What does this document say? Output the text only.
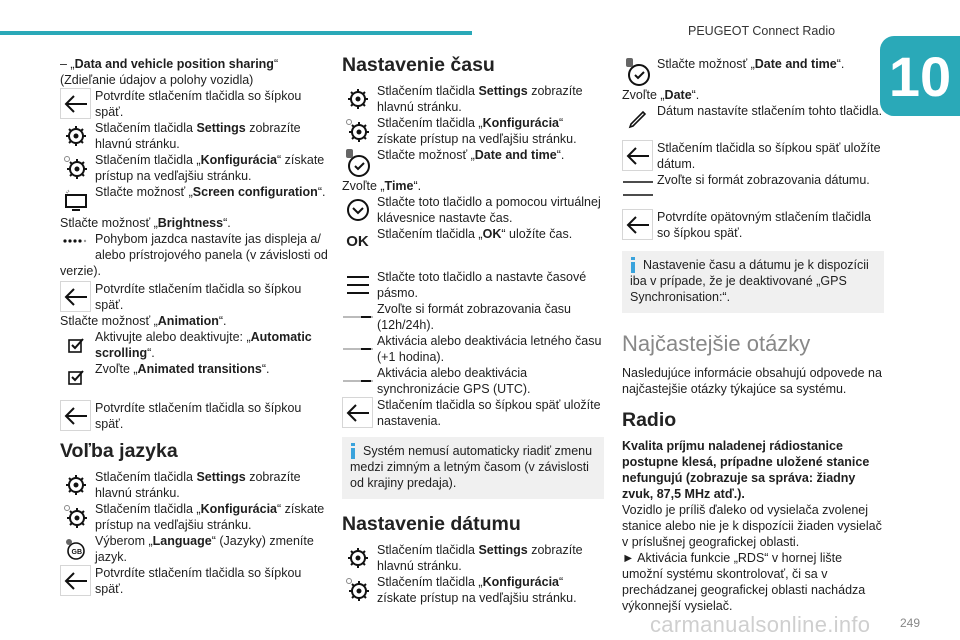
PEUGEOT Connect Radio
10

– „Data and vehicle position sharing“ (Zdieľanie údajov a polohy vozidla)

Potvrdíte stlačením tlačidla so šípkou späť.
Stlačením tlačidla Settings zobrazíte hlavnú stránku.
Stlačením tlačidla „Konfigurácia“ získate prístup na vedľajšiu stránku.
Stlačte možnosť „Screen configuration“.

Stlačte možnosť „Brightness“.

Pohybom jazdca nastavíte jas displeja a/ alebo prístrojového panela (v závislosti od verzie).
Potvrdíte stlačením tlačidla so šípkou späť.

Stlačte možnosť „Animation“.

Aktivujte alebo deaktivujte: „Automatic scrolling“.
Zvoľte „Animated transitions“.
Potvrdíte stlačením tlačidla so šípkou späť.
Voľba jazyka
Stlačením tlačidla Settings zobrazíte hlavnú stránku.
Stlačením tlačidla „Konfigurácia“ získate prístup na vedľajšiu stránku.
GB
Výberom „Language“ (Jazyky) zmeníte jazyk.
Potvrdíte stlačením tlačidla so šípkou späť.
Nastavenie času
Stlačením tlačidla Settings zobrazíte hlavnú stránku.
Stlačením tlačidla „Konfigurácia“ získate prístup na vedľajšiu stránku.
Stlačte možnosť „Date and time“.

Zvoľte „Time“.

Stlačte toto tlačidlo a pomocou virtuálnej klávesnice nastavte čas.
OK Stlačením tlačidla „OK“ uložíte čas.
Stlačte toto tlačidlo a nastavte časové pásmo.
Zvoľte si formát zobrazovania času (12h/24h).
Aktivácia alebo deaktivácia letného času (+1 hodina).
Aktivácia alebo deaktivácia synchronizácie GPS (UTC).
Stlačením tlačidla so šípkou späť uložíte nastavenia.
Systém nemusí automaticky riadiť zmenu medzi zimným a letným časom (v závislosti od krajiny predaja).
Nastavenie dátumu
Stlačením tlačidla Settings zobrazíte hlavnú stránku.
Stlačením tlačidla „Konfigurácia“ získate prístup na vedľajšiu stránku.
Stlačte možnosť „Date and time“.

Zvoľte „Date“.

Dátum nastavíte stlačením tohto tlačidla.
Stlačením tlačidla so šípkou späť uložíte dátum.
Zvoľte si formát zobrazovania dátumu.
Potvrdíte opätovným stlačením tlačidla so šípkou späť.
Nastavenie času a dátumu je k dispozícii iba v prípade, že je deaktivované „GPS Synchronisation:“.
Najčastejšie otázky

Nasledujúce informácie obsahujú odpovede na najčastejšie otázky týkajúce sa systému.

Radio

Kvalita príjmu naladenej rádiostanice postupne klesá, prípadne uložené stanice nefungujú (zobrazuje sa správa: žiadny zvuk, 87,5 MHz atď.).

Vozidlo je príliš ďaleko od vysielača zvolenej stanice alebo nie je k dispozícii žiaden vysielač v príslušnej geografickej oblasti.

► Aktivácia funkcie „RDS“ v hornej lište umožní systému skontrolovať, či sa v prechádzanej geografickej oblasti nachádza výkonnejší vysielač.

carmanualsonline.info 249
